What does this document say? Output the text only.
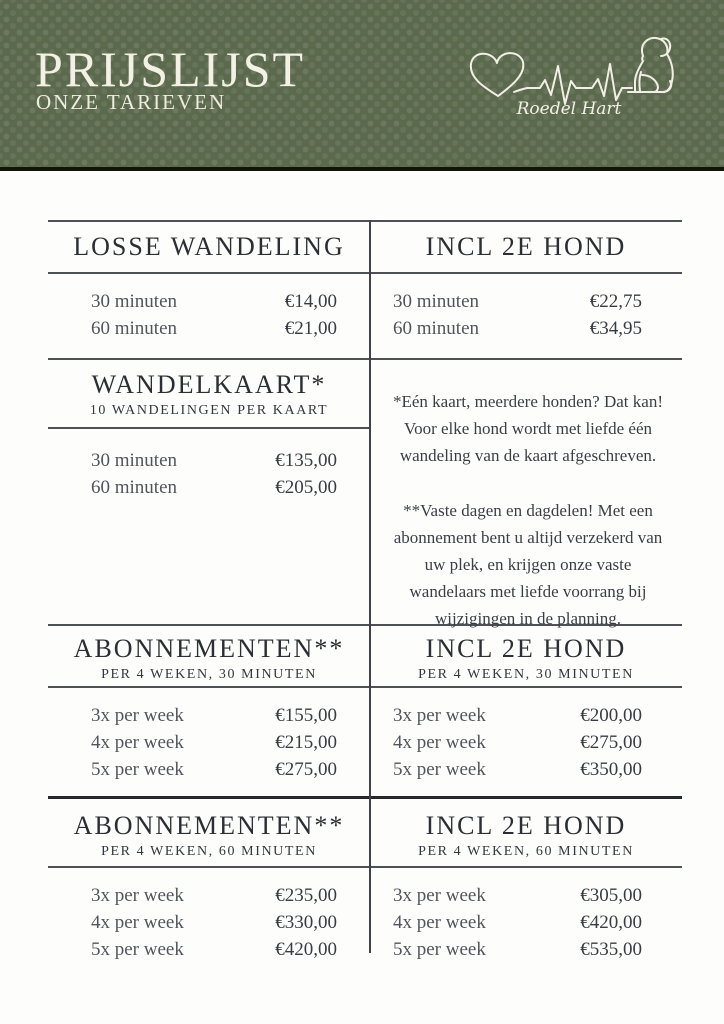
PRIJSLIJST
ONZE TARIEVEN	Roedel Hart
LOSSE WANDELING	INCL 2E HOND
30 minuten	€14,00
60 minuten	€21,00
30 minuten	€22,75
60 minuten	€34,95
WANDELKAART*
10 WANDELINGEN PER KAART
30 minuten	€135,00
60 minuten	€205,00

*Eén kaart, meerdere honden? Dat kan! Voor elke hond wordt met liefde één wandeling van de kaart afgeschreven.

**Vaste dagen en dagdelen! Met een abonnement bent u altijd verzekerd van uw plek, en krijgen onze vaste wandelaars met liefde voorrang bij wijzigingen in de planning.

ABONNEMENTEN**
PER 4 WEKEN, 30 MINUTEN
INCL 2E HOND
PER 4 WEKEN, 30 MINUTEN
3x per week	€155,00
4x per week	€215,00
5x per week	€275,00
3x per week	€200,00
4x per week	€275,00
5x per week	€350,00
ABONNEMENTEN**
PER 4 WEKEN, 60 MINUTEN
INCL 2E HOND
PER 4 WEKEN, 60 MINUTEN
3x per week	€235,00
4x per week	€330,00
5x per week	€420,00
3x per week	€305,00
4x per week	€420,00
5x per week	€535,00
